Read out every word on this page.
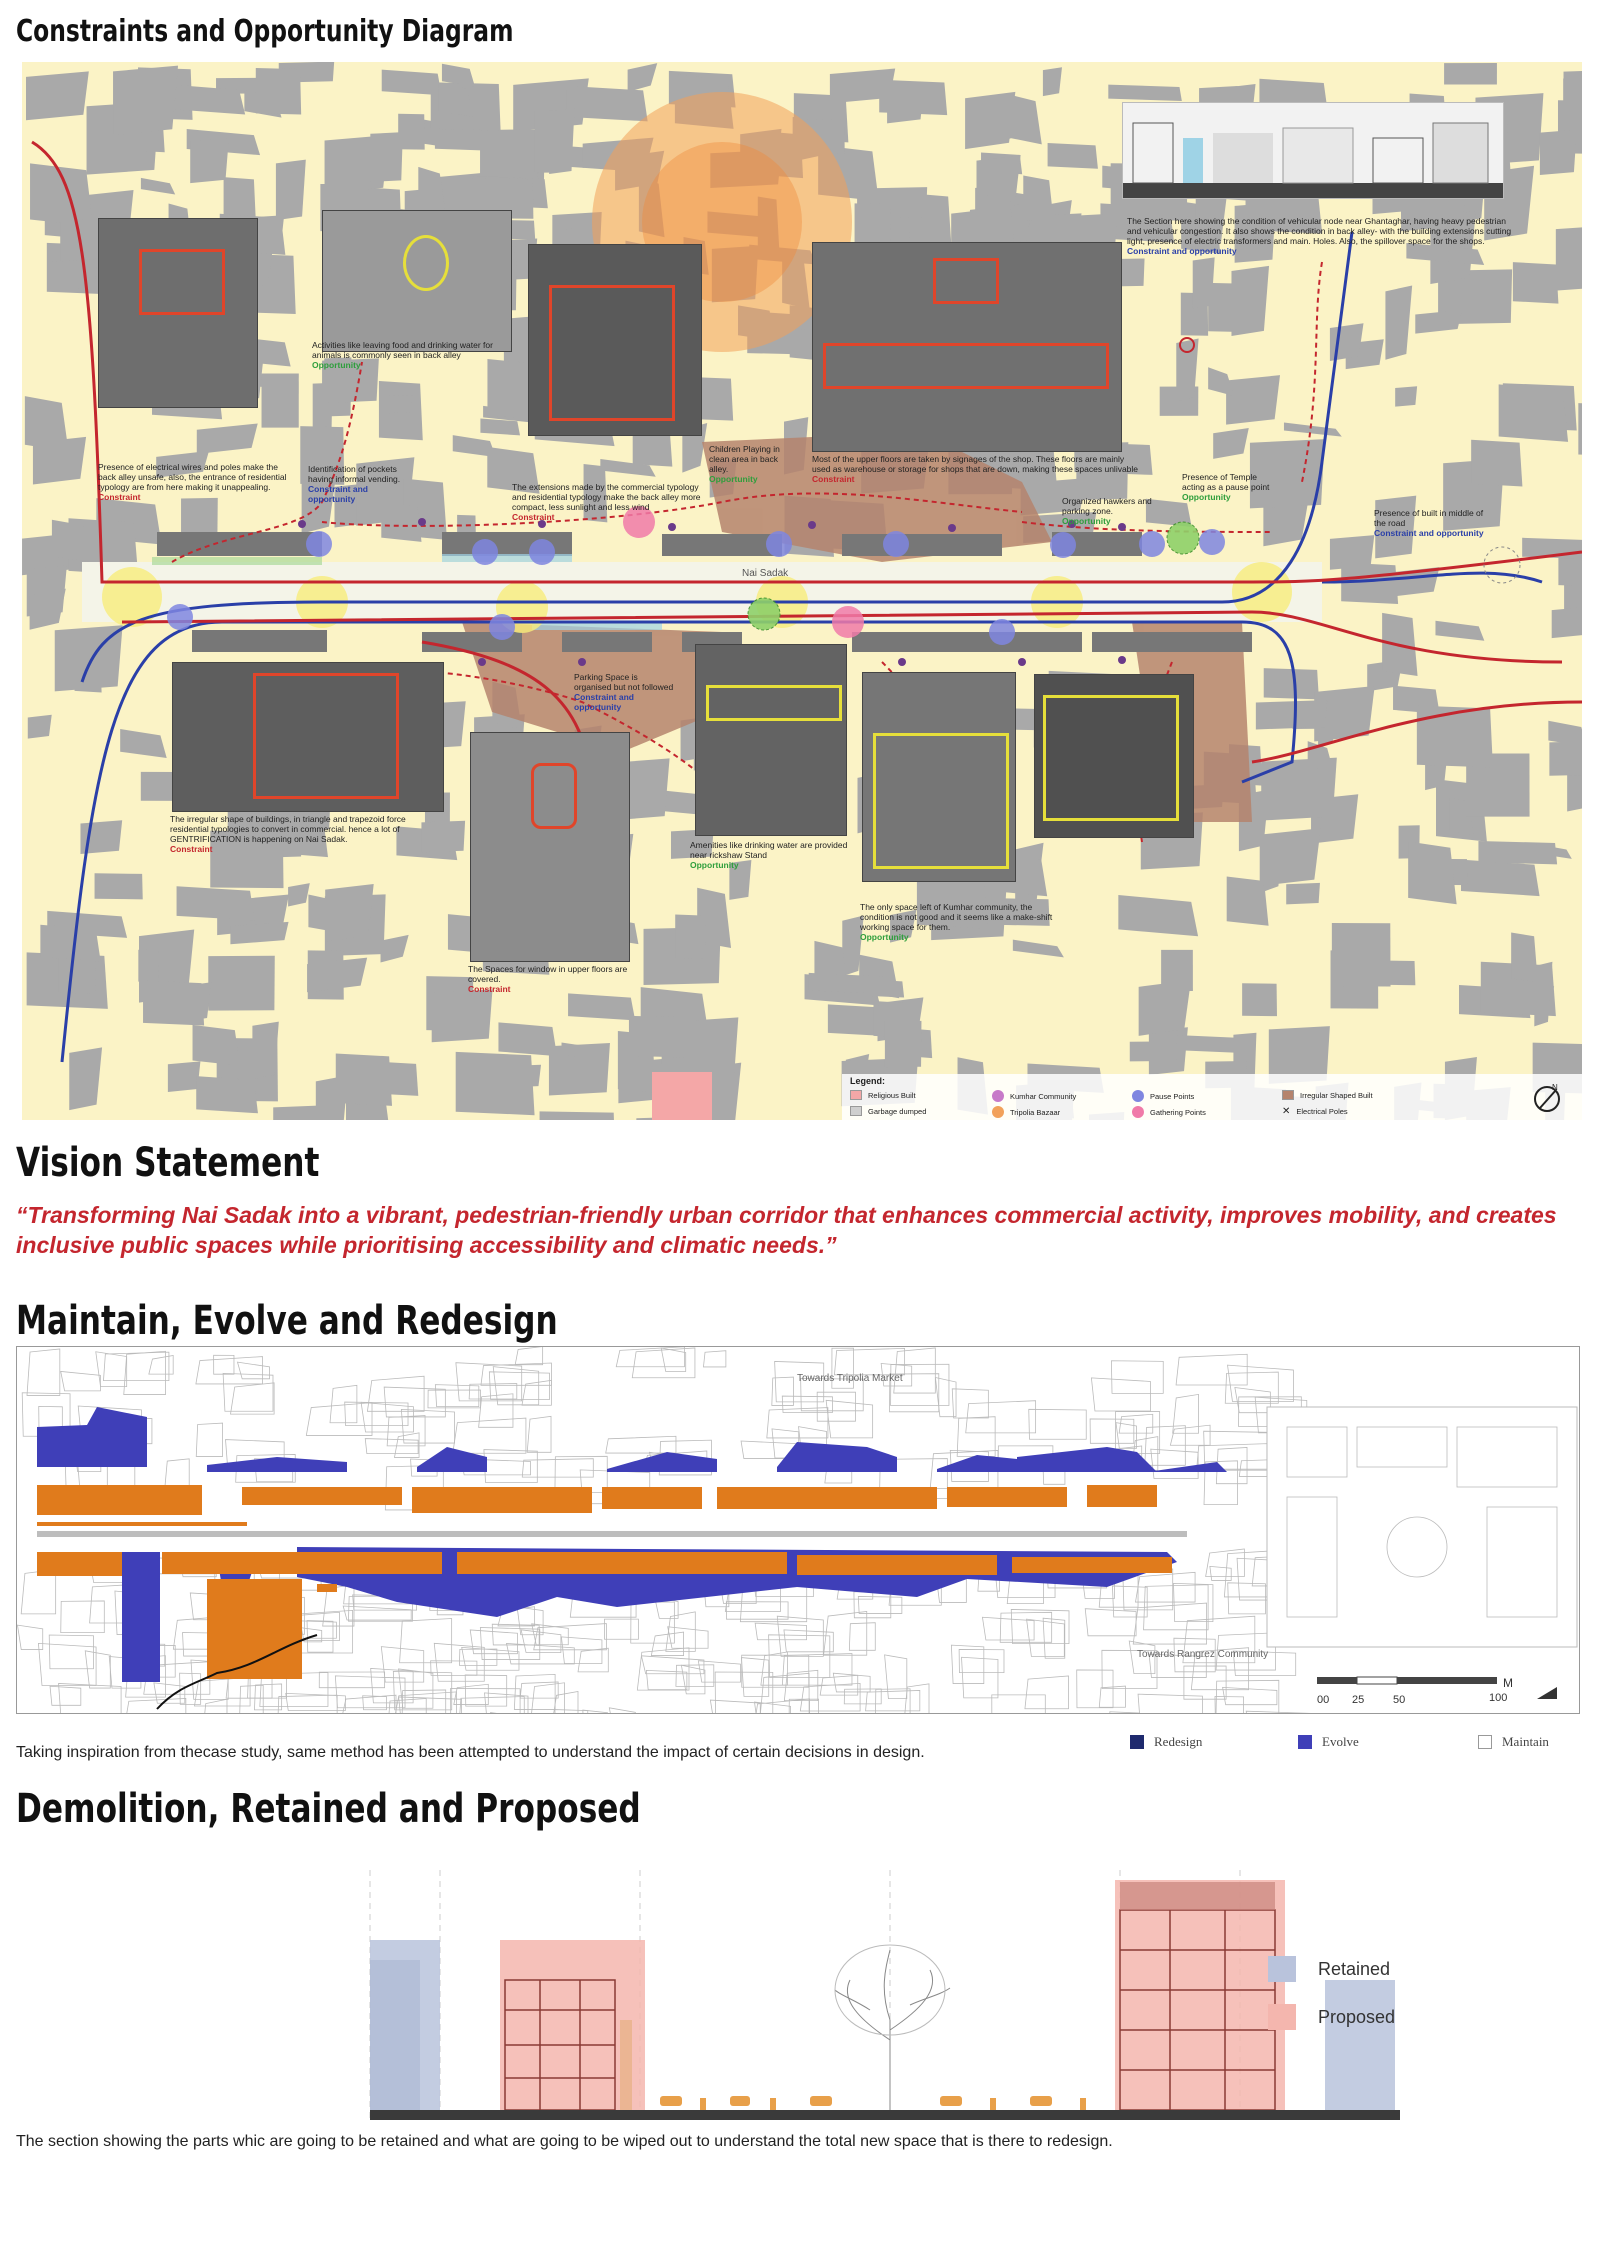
Constraints and Opportunity Diagram
Nai Sadak
The Section here showing the condition of vehicular node near Ghantaghar, having heavy pedestrian and vehicular congestion. It also shows the condition in back alley- with the building extensions cutting light, presence of electric transformers and main. Holes. Also, the spillover space for the shops.
Constraint and opportunity
Presence of electrical wires and poles make the back alley unsafe, also, the entrance of residential typology are from here making it unappealing.
Constraint
Activities like leaving food and drinking water for animals is commonly seen in back alley
Opportunity
Identification of pockets having informal vending.
Constraint and opportunity
The extensions made by the commercial typology and residential typology make the back alley more compact, less sunlight and less wind
Constraint
Children Playing in clean area in back alley.
Opportunity
Most of the upper floors are taken by signages of the shop. These floors are mainly used as warehouse or storage for shops that are down, making these spaces unlivable
Constraint
Organized hawkers and parking zone.
Opportunity
Presence of Temple acting as a pause point
Opportunity
Presence of built in middle of the road
Constraint and opportunity
The irregular shape of buildings, in triangle and trapezoid force residential typologies to convert in commercial. hence a lot of GENTRIFICATION is happening on Nai Sadak.
Constraint
Parking Space is organised but not followed
Constraint and opportunity
The Spaces for window in upper floors are covered.
Constraint
Amenities like drinking water are provided near rickshaw Stand
Opportunity
The only space left of Kumhar community, the condition is not good and it seems like a make-shift working space for them.
Opportunity
Legend:
Religious Built
Garbage dumped
Kumhar Community
Tripolia Bazaar
Pause Points
Gathering Points
Irregular Shaped Built
✕ Electrical Poles
N
0 20 50	100
Vision Statement

“Transforming Nai Sadak into a vibrant, pedestrian-friendly urban corridor that enhances commercial activity, improves mobility, and creates inclusive public spaces while prioritising accessibility and climatic needs.”

Maintain, Evolve and Redesign
Towards Tripolia Market
Towards Rangrez Community
00 25	50	100
M
Redesign	Evolve	Maintain

Taking inspiration from thecase study, same method has been attempted to understand the impact of certain decisions in design.

Demolition, Retained and Proposed
Retained
Proposed

The section showing the parts whic are going to be retained and what are going to be wiped out to understand the total new space that is there to redesign.
